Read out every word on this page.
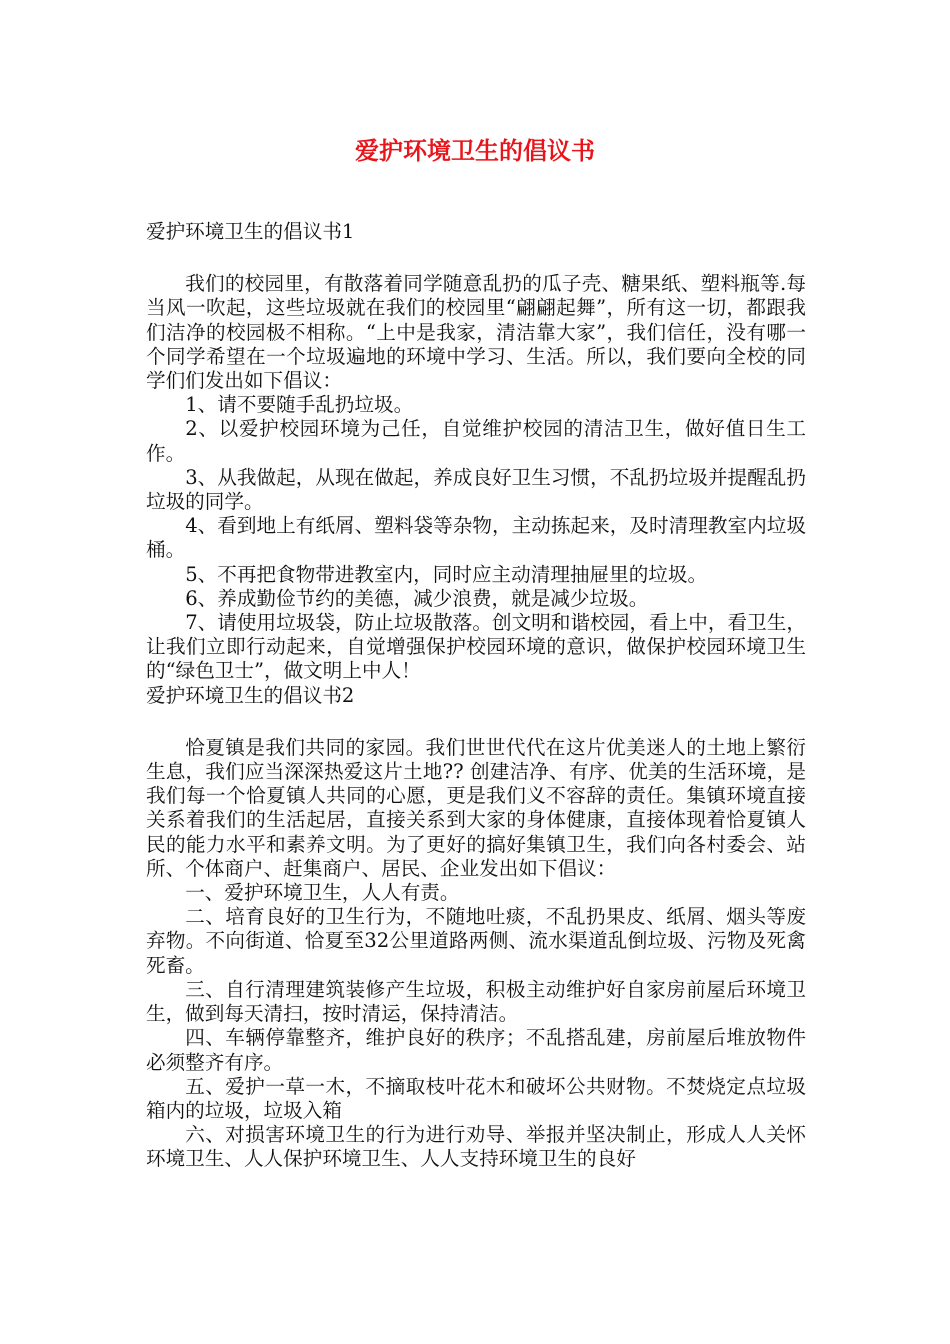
爱护环境卫生的倡议书

爱护环境卫生的倡议书1

我们的校园里，有散落着同学随意乱扔的瓜子壳、糖果纸、塑料瓶等.每当风一吹起，这些垃圾就在我们的校园里“翩翩起舞”，所有这一切，都跟我们洁净的校园极不相称。“上中是我家，清洁靠大家”，我们信任，没有哪一个同学希望在一个垃圾遍地的环境中学习、生活。所以，我们要向全校的同学们们发出如下倡议：

1、请不要随手乱扔垃圾。

2、以爱护校园环境为己任，自觉维护校园的清洁卫生，做好值日生工作。

3、从我做起，从现在做起，养成良好卫生习惯，不乱扔垃圾并提醒乱扔垃圾的同学。

4、看到地上有纸屑、塑料袋等杂物，主动拣起来，及时清理教室内垃圾桶。

5、不再把食物带进教室内，同时应主动清理抽屉里的垃圾。

6、养成勤俭节约的美德，减少浪费，就是减少垃圾。

7、请使用垃圾袋，防止垃圾散落。创文明和谐校园，看上中，看卫生，让我们立即行动起来，自觉增强保护校园环境的意识，做保护校园环境卫生的“绿色卫士”，做文明上中人！

爱护环境卫生的倡议书2

恰夏镇是我们共同的家园。我们世世代代在这片优美迷人的土地上繁衍生息，我们应当深深热爱这片土地?? 创建洁净、有序、优美的生活环境，是我们每一个恰夏镇人共同的心愿，更是我们义不容辞的责任。集镇环境直接关系着我们的生活起居，直接关系到大家的身体健康，直接体现着恰夏镇人民的能力水平和素养文明。为了更好的搞好集镇卫生，我们向各村委会、站所、个体商户、赶集商户、居民、企业发出如下倡议：

一、爱护环境卫生，人人有责。

二、培育良好的卫生行为，不随地吐痰，不乱扔果皮、纸屑、烟头等废弃物。不向街道、恰夏至32公里道路两侧、流水渠道乱倒垃圾、污物及死禽死畜。

三、自行清理建筑装修产生垃圾，积极主动维护好自家房前屋后环境卫生，做到每天清扫，按时清运，保持清洁。

四、车辆停靠整齐，维护良好的秩序；不乱搭乱建，房前屋后堆放物件必须整齐有序。

五、爱护一草一木，不摘取枝叶花木和破坏公共财物。不焚烧定点垃圾箱内的垃圾，垃圾入箱

六、对损害环境卫生的行为进行劝导、举报并坚决制止，形成人人关怀环境卫生、人人保护环境卫生、人人支持环境卫生的良好
